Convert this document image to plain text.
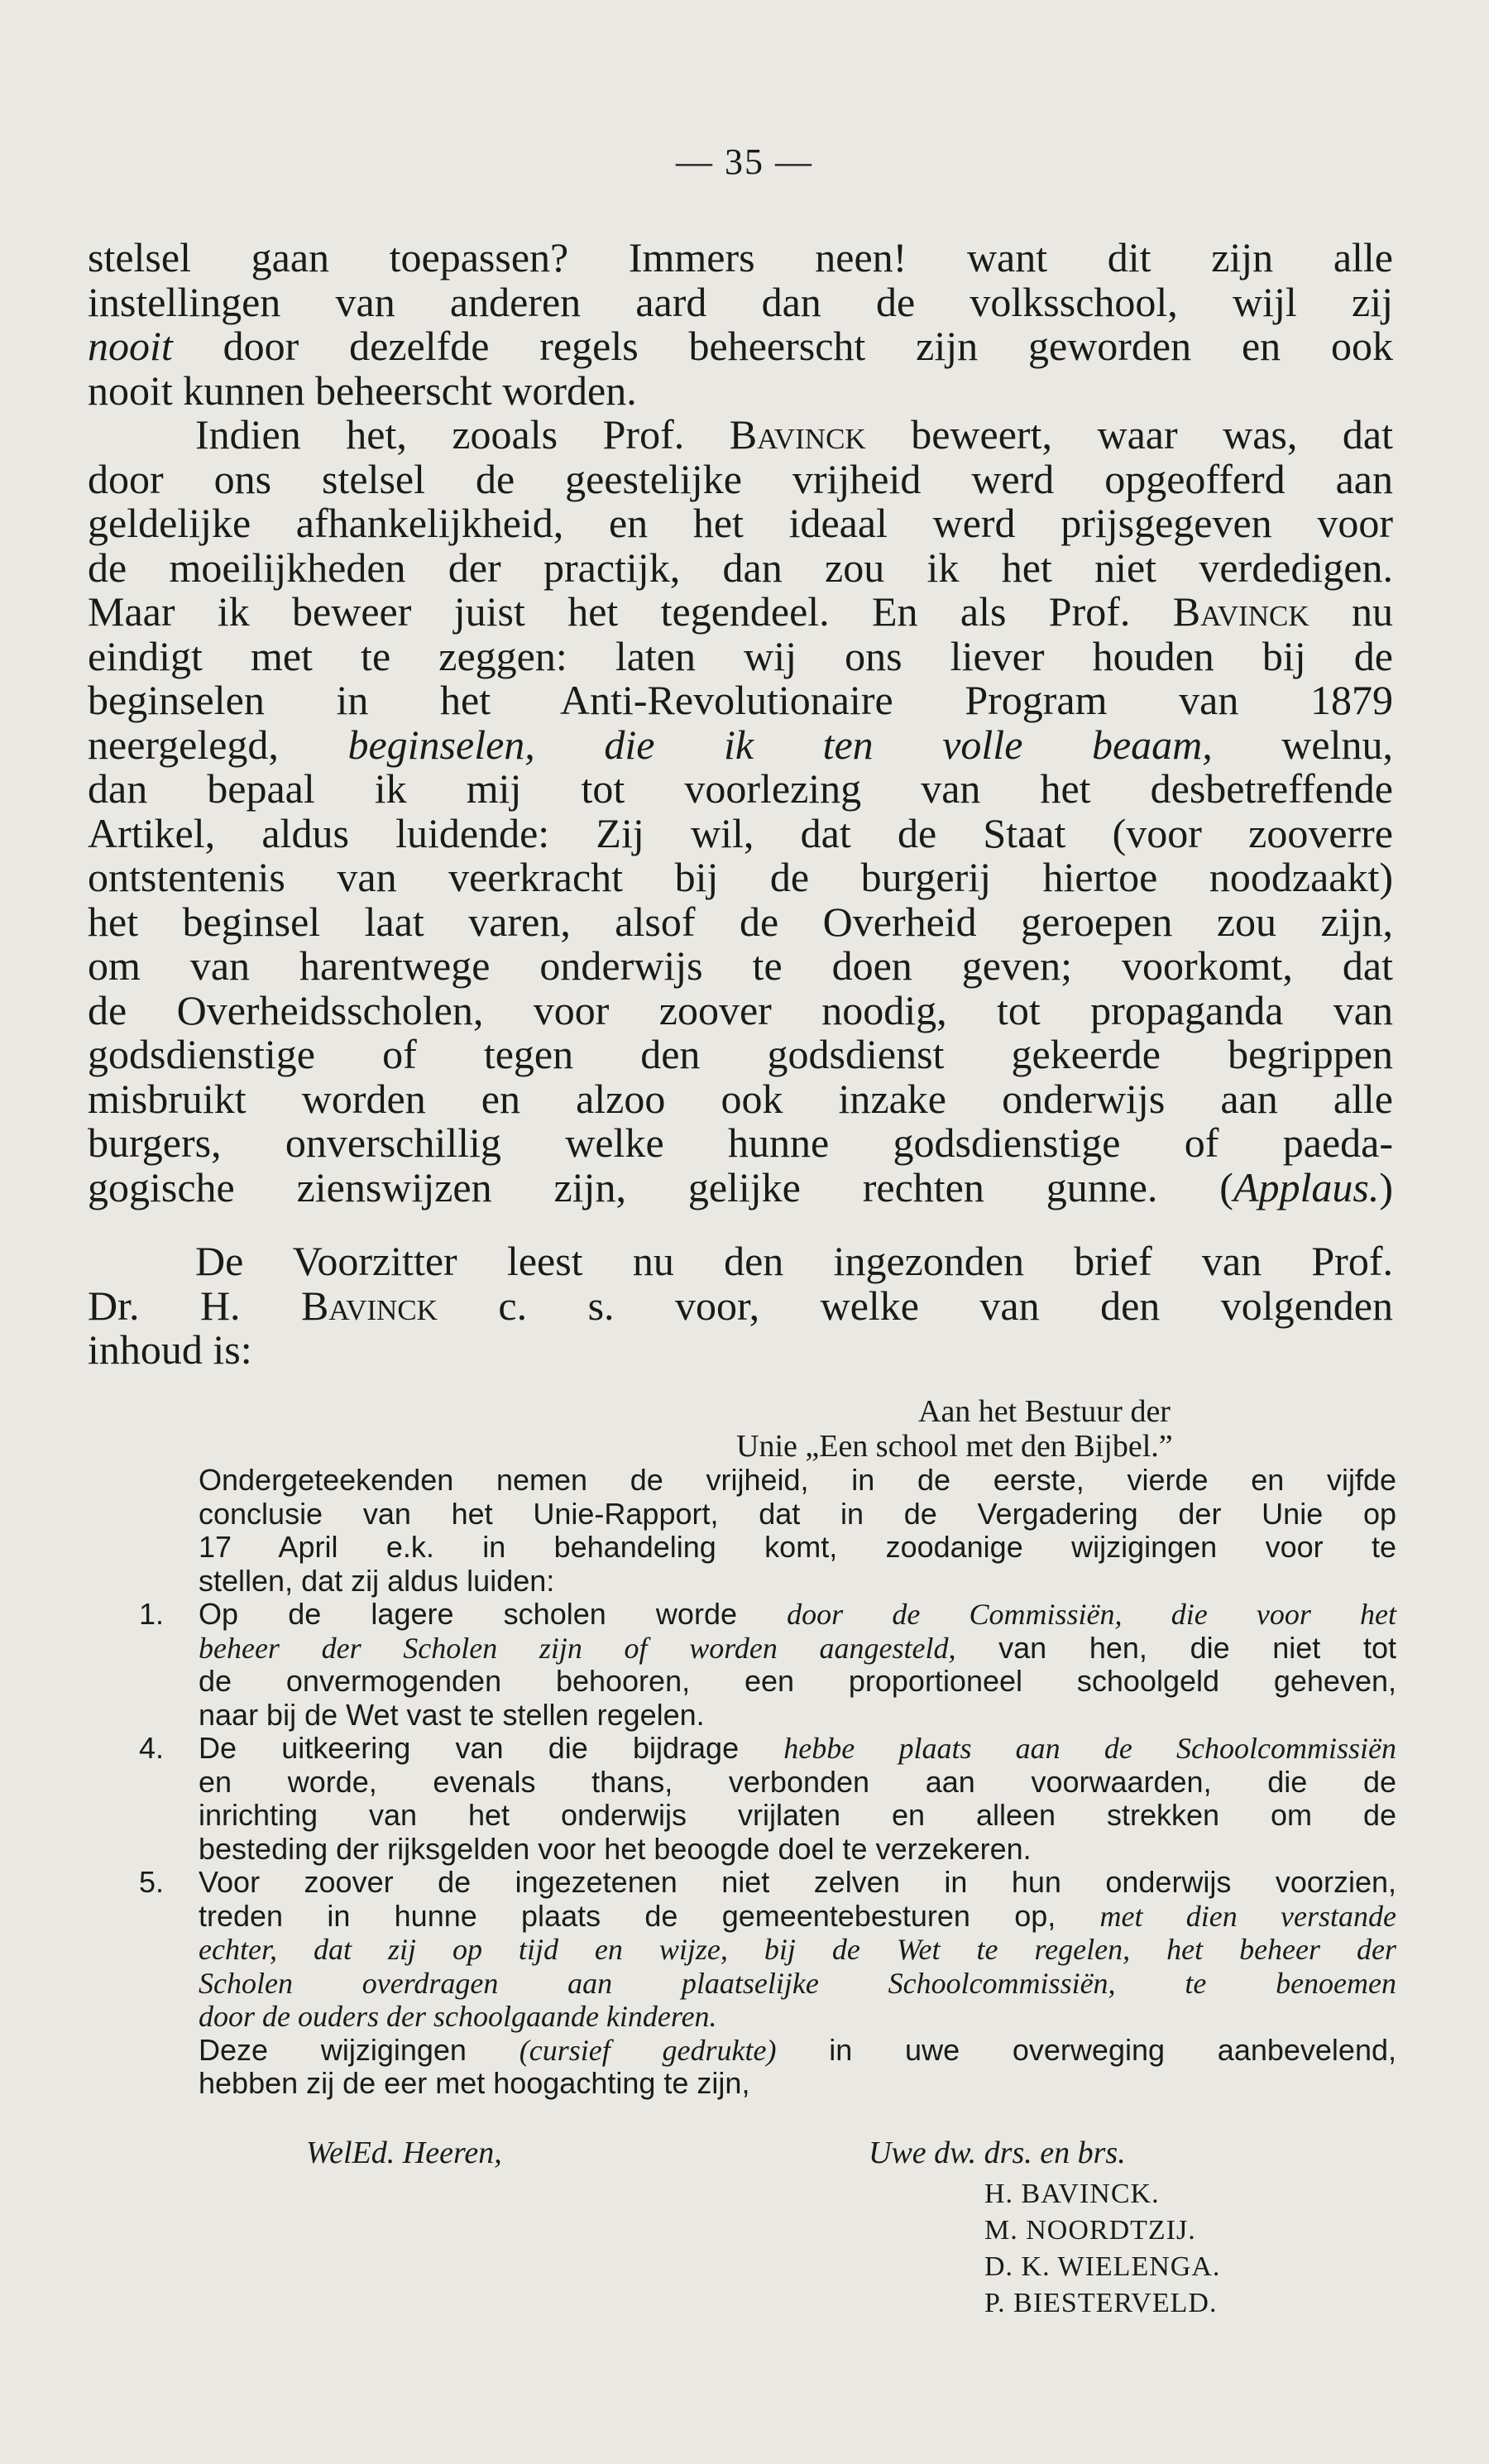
— 35 —
stelsel gaan toepassen? Immers neen! want dit zijn alle
instellingen van anderen aard dan de volksschool, wijl zij
nooit door dezelfde regels beheerscht zijn geworden en ook
nooit kunnen beheerscht worden.
Indien het, zooals Prof. Bavinck beweert, waar was, dat
door ons stelsel de geestelijke vrijheid werd opgeofferd aan
geldelijke afhankelijkheid, en het ideaal werd prijsgegeven voor
de moeilijkheden der practijk, dan zou ik het niet verdedigen.
Maar ik beweer juist het tegendeel. En als Prof. Bavinck nu
eindigt met te zeggen: laten wij ons liever houden bij de
beginselen in het Anti-Revolutionaire Program van 1879
neergelegd, beginselen, die ik ten volle beaam, welnu,
dan bepaal ik mij tot voorlezing van het desbetreffende
Artikel, aldus luidende: Zij wil, dat de Staat (voor zooverre
ontstentenis van veerkracht bij de burgerij hiertoe noodzaakt)
het beginsel laat varen, alsof de Overheid geroepen zou zijn,
om van harentwege onderwijs te doen geven; voorkomt, dat
de Overheidsscholen, voor zoover noodig, tot propaganda van
godsdienstige of tegen den godsdienst gekeerde begrippen
misbruikt worden en alzoo ook inzake onderwijs aan alle
burgers, onverschillig welke hunne godsdienstige of paeda-
gogische zienswijzen zijn, gelijke rechten gunne. (Applaus.)
De Voorzitter leest nu den ingezonden brief van Prof.
Dr. H. Bavinck c. s. voor, welke van den volgenden
inhoud is:
Aan het Bestuur der
Unie „Een school met den Bijbel.”
Ondergeteekenden nemen de vrijheid, in de eerste, vierde en vijfde
conclusie van het Unie-Rapport, dat in de Vergadering der Unie op
17 April e.k. in behandeling komt, zoodanige wijzigingen voor te
stellen, dat zij aldus luiden:
1. Op de lagere scholen worde door de Commissiën, die voor het
beheer der Scholen zijn of worden aangesteld, van hen, die niet tot
de onvermogenden behooren, een proportioneel schoolgeld geheven,
naar bij de Wet vast te stellen regelen.
4. De uitkeering van die bijdrage hebbe plaats aan de Schoolcommissiën
en worde, evenals thans, verbonden aan voorwaarden, die de
inrichting van het onderwijs vrijlaten en alleen strekken om de
besteding der rijksgelden voor het beoogde doel te verzekeren.
5. Voor zoover de ingezetenen niet zelven in hun onderwijs voorzien,
treden in hunne plaats de gemeentebesturen op, met dien verstande
echter, dat zij op tijd en wijze, bij de Wet te regelen, het beheer der
Scholen overdragen aan plaatselijke Schoolcommissiën, te benoemen
door de ouders der schoolgaande kinderen.
Deze wijzigingen (cursief gedrukte) in uwe overweging aanbevelend,
hebben zij de eer met hoogachting te zijn,
WelEd. Heeren,	Uwe dw. drs. en brs.
H. BAVINCK.
M. NOORDTZIJ.
D. K. WIELENGA.
P. BIESTERVELD.
